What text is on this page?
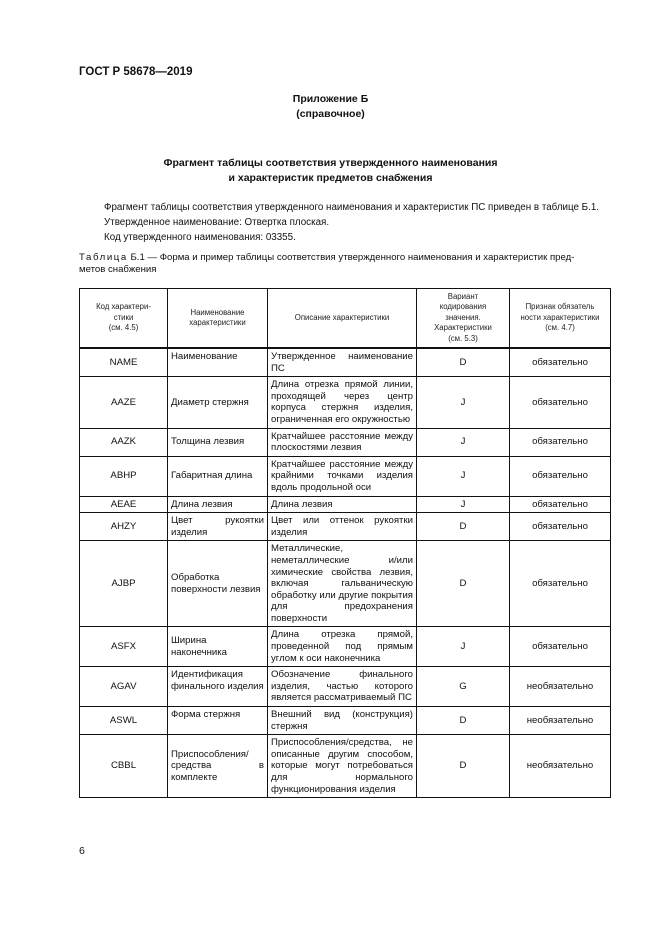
ГОСТ Р 58678—2019
Приложение Б
(справочное)
Фрагмент таблицы соответствия утвержденного наименования
и характеристик предметов снабжения
Фрагмент таблицы соответствия утвержденного наименования и характеристик ПС приведен в таблице Б.1.
Утвержденное наименование: Отвертка плоская.
Код утвержденного наименования: 03355.
Таблица Б.1 — Форма и пример таблицы соответствия утвержденного наименования и характеристик пред-
метов снабжения
Код характери-
стики
(см. 4.5)	Наименование
характеристики	Описание характеристики	Вариант
кодирования
значения.
Характеристики
(см. 5.3)	Признак обязатель
ности характеристики
(см. 4.7)
NAME	Наименование	Утвержденное наименование ПС	D	обязательно
AAZE	Диаметр стержня	Длина отрезка прямой линии, проходящей через центр корпуса стержня изделия, ограниченная его окружностью	J	обязательно
AAZK	Толщина лезвия	Кратчайшее расстояние между плоскостями лезвия	J	обязательно
ABHP	Габаритная длина	Кратчайшее расстояние между крайними точками изделия вдоль продольной оси	J	обязательно
AEAE	Длина лезвия	Длина лезвия	J	обязательно
AHZY	Цвет рукоятки изделия	Цвет или оттенок рукоятки изделия	D	обязательно
AJBP	Обработка поверхности лезвия	Металлические, неметаллические и/или химические свойства лезвия, включая гальваническую обработку или другие покрытия для предохранения поверхности	D	обязательно
ASFX	Ширина наконечника	Длина отрезка прямой, проведенной под прямым углом к оси наконечника	J	обязательно
AGAV	Идентификация финального изделия	Обозначение финального изделия, частью которого является рассматриваемый ПС	G	необязательно
ASWL	Форма стержня	Внешний вид (конструкция) стержня	D	необязательно
CBBL	Приспособления/средства в комплекте	Приспособления/средства, не описанные другим способом, которые могут потребоваться для нормального функционирования изделия	D	необязательно
6
